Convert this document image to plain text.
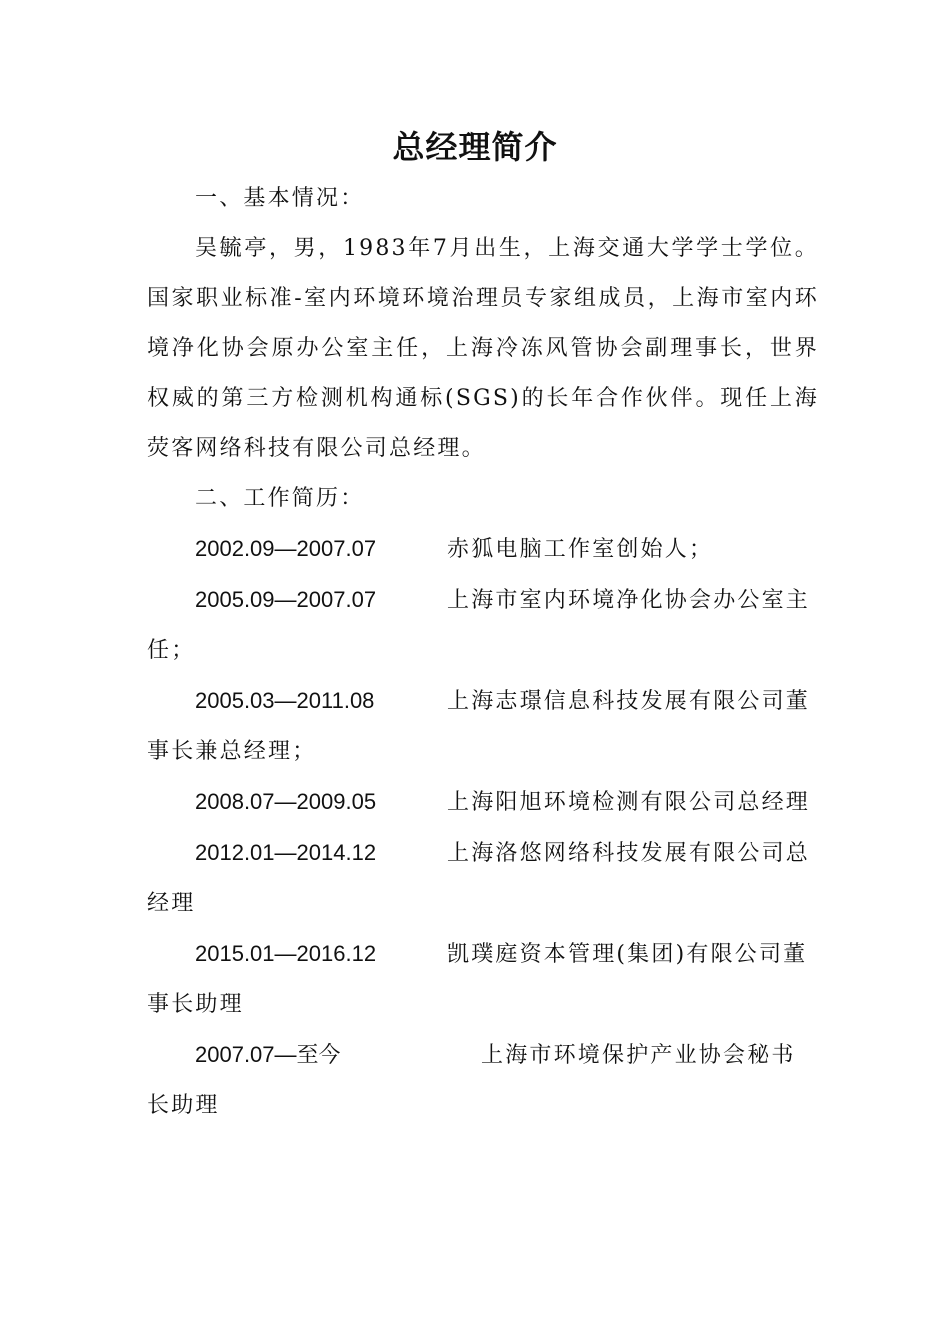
总经理简介

一、基本情况：

吴毓亭，男，1983年7月出生，上海交通大学学士学位。国家职业标准-室内环境环境治理员专家组成员，上海市室内环境净化协会原办公室主任，上海冷冻风管协会副理事长，世界权威的第三方检测机构通标(SGS)的长年合作伙伴。现任上海荧客网络科技有限公司总经理。

二、工作简历：

2002.09—2007.07	赤狐电脑工作室创始人；

2005.09—2007.07	上海市室内环境净化协会办公室主任；

2005.03—2011.08	上海志璟信息科技发展有限公司董事长兼总经理；

2008.07—2009.05	上海阳旭环境检测有限公司总经理

2012.01—2014.12	上海洛悠网络科技发展有限公司总经理

2015.01—2016.12	凯璞庭资本管理(集团)有限公司董事长助理

2007.07—至今	上海市环境保护产业协会秘书长助理
